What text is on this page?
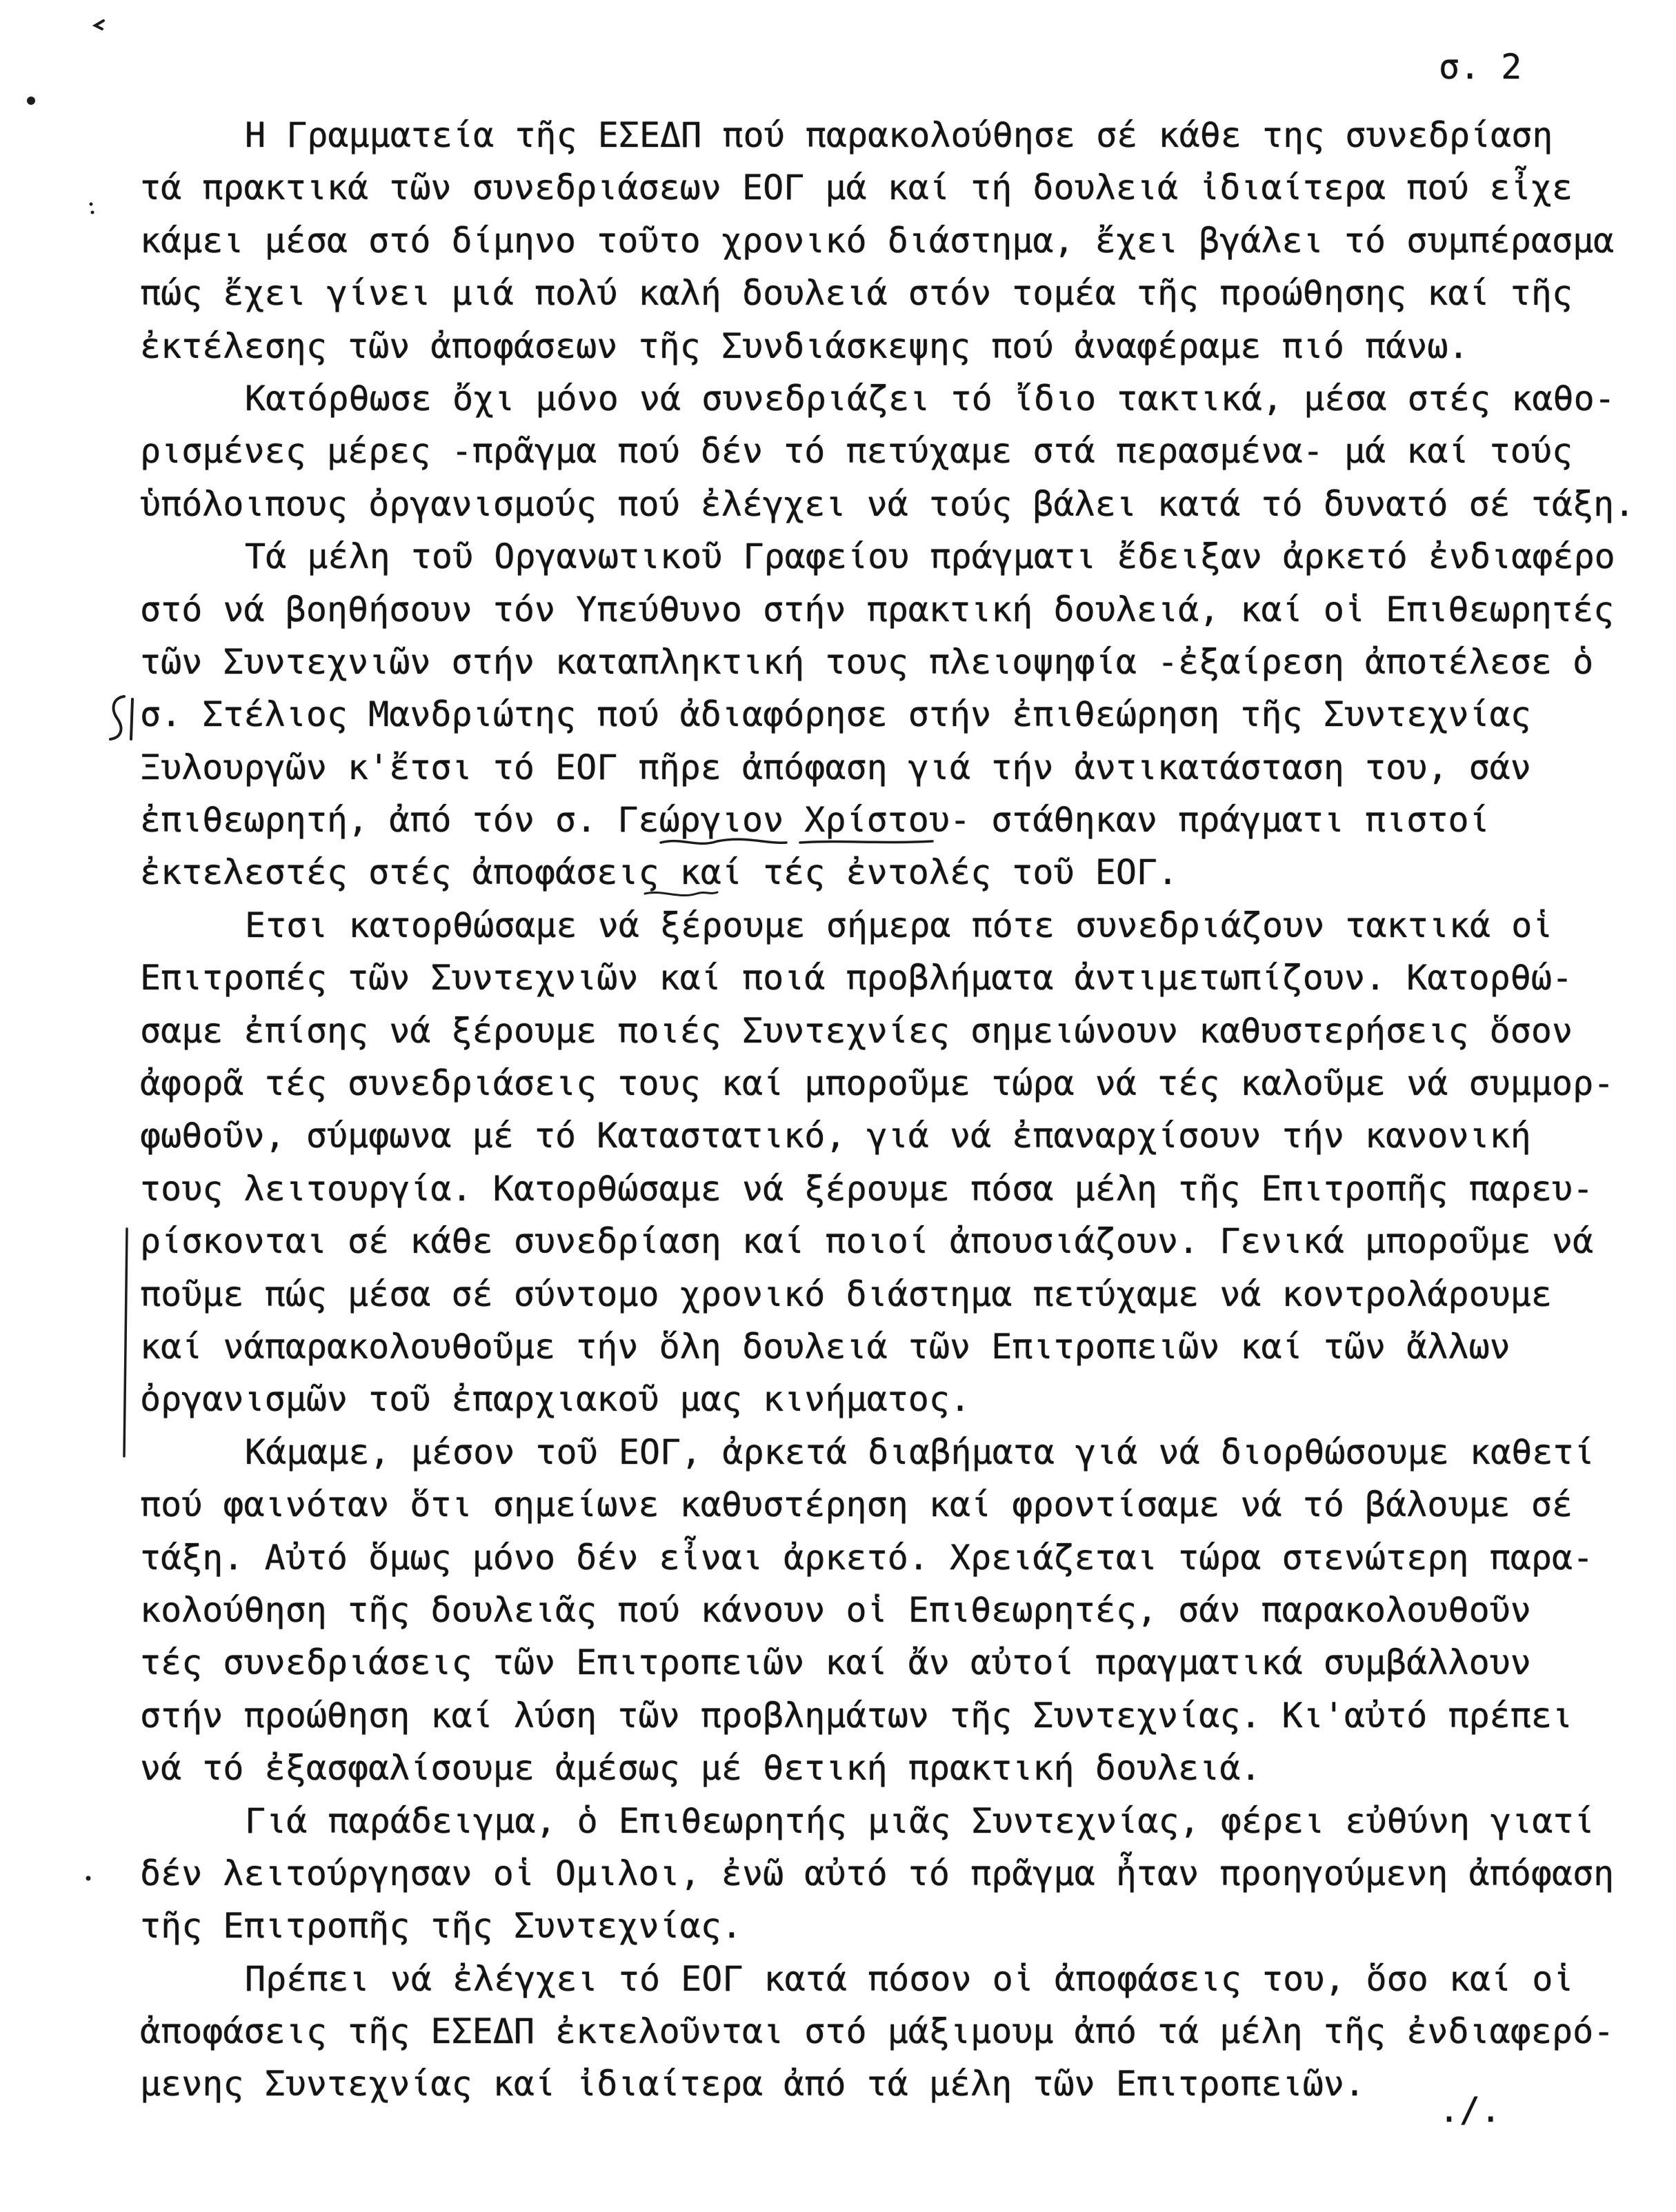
σ. 2
Η Γραμματεία τῆς ΕΣΕΔΠ πού παρακολούθησε σέ κάθε της συνεδρίαση
τά πρακτικά τῶν συνεδριάσεων ΕΟΓ μά καί τή δουλειά ἰδιαίτερα πού εἶχε
κάμει μέσα στό δίμηνο τοῦτο χρονικό διάστημα, ἔχει βγάλει τό συμπέρασμα
πώς ἔχει γίνει μιά πολύ καλή δουλειά στόν τομέα τῆς προώθησης καί τῆς
ἐκτέλεσης τῶν ἀποφάσεων τῆς Συνδιάσκεψης πού ἀναφέραμε πιό πάνω.
Κατόρθωσε ὄχι μόνο νά συνεδριάζει τό ἴδιο τακτικά, μέσα στές καθο-
ρισμένες μέρες -πρᾶγμα πού δέν τό πετύχαμε στά περασμένα- μά καί τούς
ὑπόλοιπους ὀργανισμούς πού ἐλέγχει νά τούς βάλει κατά τό δυνατό σέ τάξη.
Τά μέλη τοῦ Οργανωτικοῦ Γραφείου πράγματι ἔδειξαν ἀρκετό ἐνδιαφέρο
στό νά βοηθήσουν τόν Υπεύθυνο στήν πρακτική δουλειά, καί οἱ Επιθεωρητές
τῶν Συντεχνιῶν στήν καταπληκτική τους πλειοψηφία -ἐξαίρεση ἀποτέλεσε ὁ
σ. Στέλιος Μανδριώτης πού ἀδιαφόρησε στήν ἐπιθεώρηση τῆς Συντεχνίας
Ξυλουργῶν κ'ἔτσι τό ΕΟΓ πῆρε ἀπόφαση γιά τήν ἀντικατάσταση του, σάν
ἐπιθεωρητή, ἀπό τόν σ. Γεώργιον Χρίστου- στάθηκαν πράγματι πιστοί
ἐκτελεστές στές ἀποφάσεις καί τές ἐντολές τοῦ ΕΟΓ.
Ετσι κατορθώσαμε νά ξέρουμε σήμερα πότε συνεδριάζουν τακτικά οἱ
Επιτροπές τῶν Συντεχνιῶν καί ποιά προβλήματα ἀντιμετωπίζουν. Κατορθώ-
σαμε ἐπίσης νά ξέρουμε ποιές Συντεχνίες σημειώνουν καθυστερήσεις ὅσον
ἀφορᾶ τές συνεδριάσεις τους καί μποροῦμε τώρα νά τές καλοῦμε νά συμμορ-
φωθοῦν, σύμφωνα μέ τό Καταστατικό, γιά νά ἐπαναρχίσουν τήν κανονική
τους λειτουργία. Κατορθώσαμε νά ξέρουμε πόσα μέλη τῆς Επιτροπῆς παρευ-
ρίσκονται σέ κάθε συνεδρίαση καί ποιοί ἀπουσιάζουν. Γενικά μποροῦμε νά
ποῦμε πώς μέσα σέ σύντομο χρονικό διάστημα πετύχαμε νά κοντρολάρουμε
καί νάπαρακολουθοῦμε τήν ὅλη δουλειά τῶν Επιτροπειῶν καί τῶν ἄλλων
ὀργανισμῶν τοῦ ἐπαρχιακοῦ μας κινήματος.
Κάμαμε, μέσον τοῦ ΕΟΓ, ἀρκετά διαβήματα γιά νά διορθώσουμε καθετί
πού φαινόταν ὅτι σημείωνε καθυστέρηση καί φροντίσαμε νά τό βάλουμε σέ
τάξη. Αὐτό ὅμως μόνο δέν εἶναι ἀρκετό. Χρειάζεται τώρα στενώτερη παρα-
κολούθηση τῆς δουλειᾶς πού κάνουν οἱ Επιθεωρητές, σάν παρακολουθοῦν
τές συνεδριάσεις τῶν Επιτροπειῶν καί ἄν αὐτοί πραγματικά συμβάλλουν
στήν προώθηση καί λύση τῶν προβλημάτων τῆς Συντεχνίας. Κι'αὐτό πρέπει
νά τό ἐξασφαλίσουμε ἀμέσως μέ θετική πρακτική δουλειά.
Γιά παράδειγμα, ὁ Επιθεωρητής μιᾶς Συντεχνίας, φέρει εὐθύνη γιατί
δέν λειτούργησαν οἱ Ομιλοι, ἐνῶ αὐτό τό πρᾶγμα ἦταν προηγούμενη ἀπόφαση
τῆς Επιτροπῆς τῆς Συντεχνίας.
Πρέπει νά ἐλέγχει τό ΕΟΓ κατά πόσον οἱ ἀποφάσεις του, ὅσο καί οἱ
ἀποφάσεις τῆς ΕΣΕΔΠ ἐκτελοῦνται στό μάξιμουμ ἀπό τά μέλη τῆς ἐνδιαφερό-
μενης Συντεχνίας καί ἰδιαίτερα ἀπό τά μέλη τῶν Επιτροπειῶν.
./.
